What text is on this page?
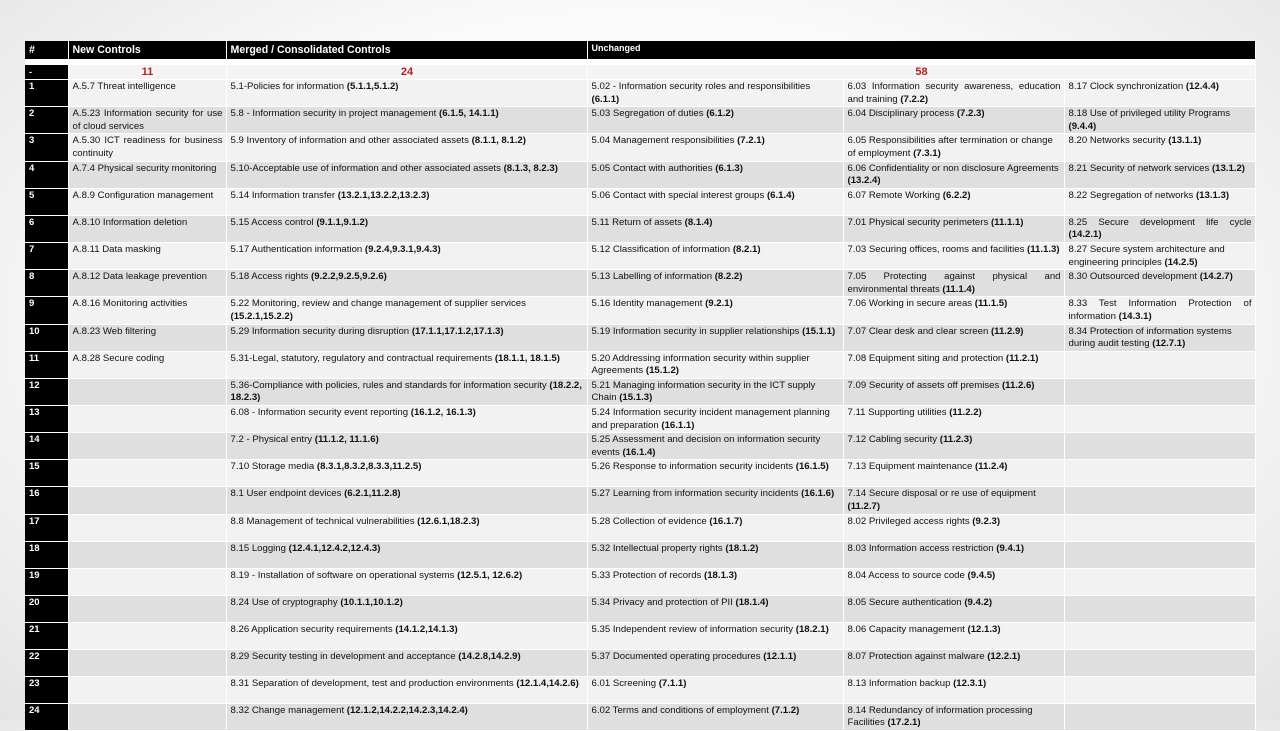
#	New Controls	Merged / Consolidated Controls	Unchanged		

-	11	24	58		
1	A.5.7 Threat intelligence	5.1-Policies for information (5.1.1,5.1.2)	5.02 - Information security roles and responsibilities (6.1.1)	6.03 Information security awareness, education and training (7.2.2)	8.17 Clock synchronization (12.4.4)
2	A.5.23 Information security for use of cloud services	5.8 - Information security in project management (6.1.5, 14.1.1)	5.03 Segregation of duties (6.1.2)	6.04 Disciplinary process (7.2.3)	8.18 Use of privileged utility Programs (9.4.4)
3	A.5.30 ICT readiness for business continuity	5.9 Inventory of information and other associated assets (8.1.1, 8.1.2)	5.04 Management responsibilities (7.2.1)	6.05 Responsibilities after termination or change of employment (7.3.1)	8.20 Networks security (13.1.1)
4	A.7.4 Physical security monitoring	5.10-Acceptable use of information and other associated assets (8.1.3, 8.2.3)	5.05 Contact with authorities (6.1.3)	6.06 Confidentiality or non disclosure Agreements (13.2.4)	8.21 Security of network services (13.1.2)
5	A.8.9 Configuration management	5.14 Information transfer (13.2.1,13.2.2,13.2.3)	5.06 Contact with special interest groups (6.1.4)	6.07 Remote Working (6.2.2)	8.22 Segregation of networks (13.1.3)
6	A.8.10 Information deletion	5.15 Access control (9.1.1,9.1.2)	5.11 Return of assets (8.1.4)	7.01 Physical security perimeters (11.1.1)	8.25 Secure development life cycle (14.2.1)
7	A.8.11 Data masking	5.17 Authentication information (9.2.4,9.3.1,9.4.3)	5.12 Classification of information (8.2.1)	7.03 Securing offices, rooms and facilities (11.1.3)	8.27 Secure system architecture and engineering principles (14.2.5)
8	A.8.12 Data leakage prevention	5.18 Access rights (9.2.2,9.2.5,9.2.6)	5.13 Labelling of information (8.2.2)	7.05 Protecting against physical and environmental threats (11.1.4)	8.30 Outsourced development (14.2.7)
9	A.8.16 Monitoring activities	5.22 Monitoring, review and change management of supplier services (15.2.1,15.2.2)	5.16 Identity management (9.2.1)	7.06 Working in secure areas (11.1.5)	8.33 Test Information Protection of information (14.3.1)
10	A.8.23 Web filtering	5.29 Information security during disruption (17.1.1,17.1.2,17.1.3)	5.19 Information security in supplier relationships (15.1.1)	7.07 Clear desk and clear screen (11.2.9)	8.34 Protection of information systems during audit testing (12.7.1)
11	A.8.28 Secure coding	5.31-Legal, statutory, regulatory and contractual requirements (18.1.1, 18.1.5)	5.20 Addressing information security within supplier Agreements (15.1.2)	7.08 Equipment siting and protection (11.2.1)	
12		5.36-Compliance with policies, rules and standards for information security (18.2.2, 18.2.3)	5.21 Managing information security in the ICT supply Chain (15.1.3)	7.09 Security of assets off premises (11.2.6)	
13		6.08 - Information security event reporting (16.1.2, 16.1.3)	5.24 Information security incident management planning and preparation (16.1.1)	7.11 Supporting utilities (11.2.2)	
14		7.2 - Physical entry (11.1.2, 11.1.6)	5.25 Assessment and decision on information security events (16.1.4)	7.12 Cabling security (11.2.3)	
15		7.10 Storage media (8.3.1,8.3.2,8.3.3,11.2.5)	5.26 Response to information security incidents (16.1.5)	7.13 Equipment maintenance (11.2.4)	
16		8.1 User endpoint devices (6.2.1,11.2.8)	5.27 Learning from information security incidents (16.1.6)	7.14 Secure disposal or re use of equipment (11.2.7)	
17		8.8 Management of technical vulnerabilities (12.6.1,18.2.3)	5.28 Collection of evidence (16.1.7)	8.02 Privileged access rights (9.2.3)	
18		8.15 Logging (12.4.1,12.4.2,12.4.3)	5.32 Intellectual property rights (18.1.2)	8.03 Information access restriction (9.4.1)	
19		8.19 - Installation of software on operational systems (12.5.1, 12.6.2)	5.33 Protection of records (18.1.3)	8.04 Access to source code (9.4.5)	
20		8.24 Use of cryptography (10.1.1,10.1.2)	5.34 Privacy and protection of PII (18.1.4)	8.05 Secure authentication (9.4.2)	
21		8.26 Application security requirements (14.1.2,14.1.3)	5.35 Independent review of information security (18.2.1)	8.06 Capacity management (12.1.3)	
22		8.29 Security testing in development and acceptance (14.2.8,14.2.9)	5.37 Documented operating procedures (12.1.1)	8.07 Protection against malware (12.2.1)	
23		8.31 Separation of development, test and production environments (12.1.4,14.2.6)	6.01 Screening (7.1.1)	8.13 Information backup (12.3.1)	
24		8.32 Change management (12.1.2,14.2.2,14.2.3,14.2.4)	6.02 Terms and conditions of employment (7.1.2)	8.14 Redundancy of information processing Facilities (17.2.1)	
